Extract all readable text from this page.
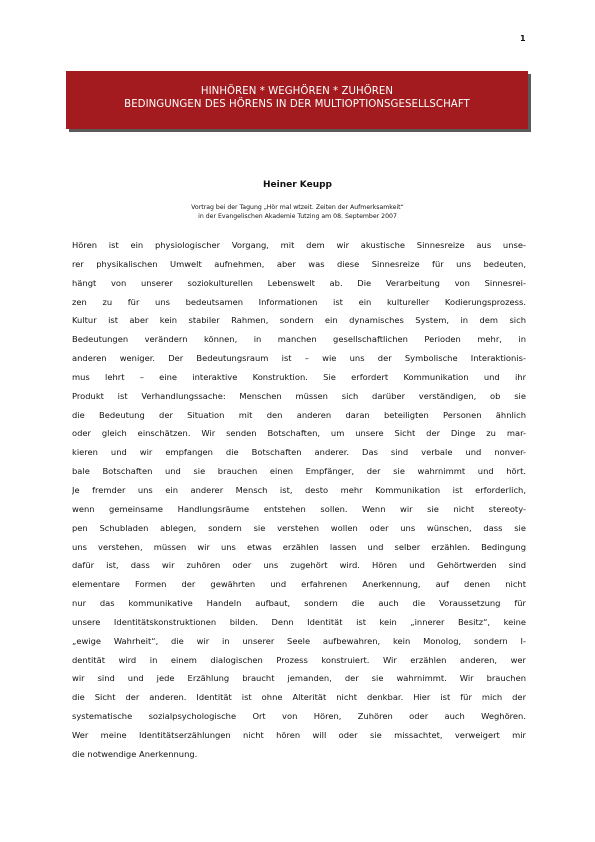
1
HINHÖREN * WEGHÖREN * ZUHÖREN
BEDINGUNGEN DES HÖRENS IN DER MULTIOPTIONSGESELLSCHAFT
Heiner Keupp
Vortrag bei der Tagung „Hör mal wtzeit. Zeiten der Aufmerksamkeit“
in der Evangelischen Akademie Tutzing am 08. September 2007
Hören ist ein physiologischer Vorgang, mit dem wir akustische Sinnesreize aus unse-
rer physikalischen Umwelt aufnehmen, aber was diese Sinnesreize für uns bedeuten,
hängt von unserer soziokulturellen Lebenswelt ab. Die Verarbeitung von Sinnesrei-
zen zu für uns bedeutsamen Informationen ist ein kultureller Kodierungsprozess.
Kultur ist aber kein stabiler Rahmen, sondern ein dynamisches System, in dem sich
Bedeutungen verändern können, in manchen gesellschaftlichen Perioden mehr, in
anderen weniger. Der Bedeutungsraum ist – wie uns der Symbolische Interaktionis-
mus lehrt – eine interaktive Konstruktion. Sie erfordert Kommunikation und ihr
Produkt ist Verhandlungssache: Menschen müssen sich darüber verständigen, ob sie
die Bedeutung der Situation mit den anderen daran beteiligten Personen ähnlich
oder gleich einschätzen. Wir senden Botschaften, um unsere Sicht der Dinge zu mar-
kieren und wir empfangen die Botschaften anderer. Das sind verbale und nonver-
bale Botschaften und sie brauchen einen Empfänger, der sie wahrnimmt und hört.
Je fremder uns ein anderer Mensch ist, desto mehr Kommunikation ist erforderlich,
wenn gemeinsame Handlungsräume entstehen sollen. Wenn wir sie nicht stereoty-
pen Schubladen ablegen, sondern sie verstehen wollen oder uns wünschen, dass sie
uns verstehen, müssen wir uns etwas erzählen lassen und selber erzählen. Bedingung
dafür ist, dass wir zuhören oder uns zugehört wird. Hören und Gehörtwerden sind
elementare Formen der gewährten und erfahrenen Anerkennung, auf denen nicht
nur das kommunikative Handeln aufbaut, sondern die auch die Voraussetzung für
unsere Identitätskonstruktionen bilden. Denn Identität ist kein „innerer Besitz“, keine
„ewige Wahrheit“, die wir in unserer Seele aufbewahren, kein Monolog, sondern I-
dentität wird in einem dialogischen Prozess konstruiert. Wir erzählen anderen, wer
wir sind und jede Erzählung braucht jemanden, der sie wahrnimmt. Wir brauchen
die Sicht der anderen. Identität ist ohne Alterität nicht denkbar. Hier ist für mich der
systematische sozialpsychologische Ort von Hören, Zuhören oder auch Weghören.
Wer meine Identitätserzählungen nicht hören will oder sie missachtet, verweigert mir
die notwendige Anerkennung.
